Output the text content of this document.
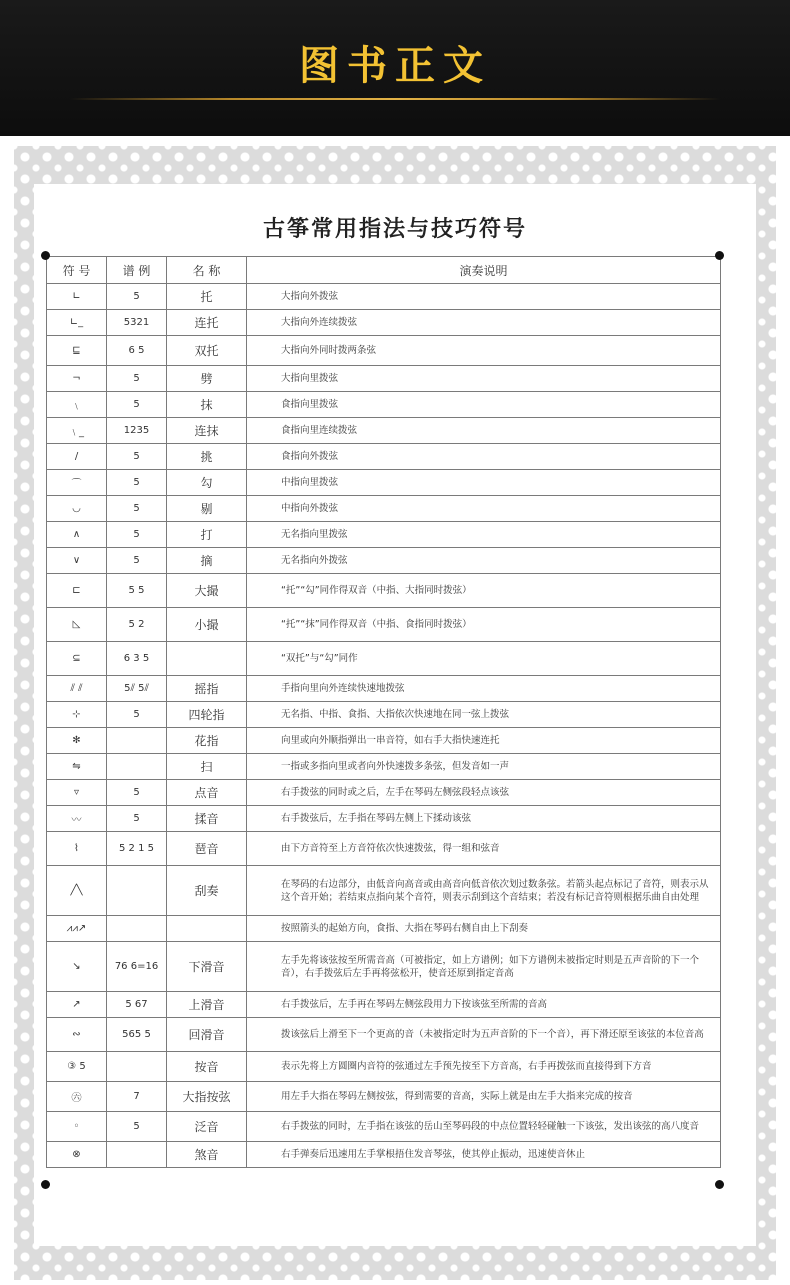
图书正文
古筝常用指法与技巧符号
符 号	谱 例	名 称	演奏说明
∟	5	托	大指向外拨弦
∟_	5321	连托	大指向外连续拨弦
⊑	6 5	双托	大指向外同时拨两条弦
¬	5	劈	大指向里拨弦
﹨	5	抹	食指向里拨弦
﹨_	1235	连抹	食指向里连续拨弦
/	5	挑	食指向外拨弦
⌒	5	勾	中指向里拨弦
◡	5	剔	中指向外拨弦
∧	5	打	无名指向里拨弦
∨	5	摘	无名指向外拨弦
⊏	5 5	大撮	“托”“勾”同作得双音（中指、大指同时拨弦）
◺	5 2	小撮	“托”“抹”同作得双音（中指、食指同时拨弦）
⊆	6 3 5		“双托”与“勾”同作
⫽ ⫽	5⫽ 5⫽	摇指	手指向里向外连续快速地拨弦
⊹	5	四轮指	无名指、中指、食指、大指依次快速地在同一弦上拨弦
✻		花指	向里或向外顺指弹出一串音符，如右手大指快速连托
⇋		扫	一指或多指向里或者向外快速拨多条弦，但发音如一声
▿	5	点音	右手拨弦的同时或之后，左手在琴码左侧弦段轻点该弦
〰	5	揉音	右手拨弦后，左手指在琴码左侧上下揉动该弦
⌇	5 2 1 5	琶音	由下方音符至上方音符依次快速拨弦，得一组和弦音
╱╲		刮奏	在琴码的右边部分，由低音向高音或由高音向低音依次划过数条弦。若箭头起点标记了音符，则表示从这个音开始；若结束点指向某个音符，则表示刮到这个音结束；若没有标记音符则根据乐曲自由处理
⩘⩘↗			按照箭头的起始方向，食指、大指在琴码右侧自由上下刮奏
↘	76 6=16	下滑音	左手先将该弦按至所需音高（可被指定，如上方谱例；如下方谱例未被指定时则是五声音阶的下一个音），右手拨弦后左手再将弦松开，使音还原到指定音高
↗	5 67	上滑音	右手拨弦后，左手再在琴码左侧弦段用力下按该弦至所需的音高
∾	565 5	回滑音	拨该弦后上滑至下一个更高的音（未被指定时为五声音阶的下一个音），再下滑还原至该弦的本位音高
③ 5		按音	表示先将上方圆圈内音符的弦通过左手预先按至下方音高，右手再拨弦而直接得到下方音
㊅	7	大指按弦	用左手大指在琴码左侧按弦，得到需要的音高，实际上就是由左手大指来完成的按音
◦	5	泛音	右手拨弦的同时，左手指在该弦的岳山至琴码段的中点位置轻轻碰触一下该弦，发出该弦的高八度音
⊗		煞音	右手弹奏后迅速用左手掌根捂住发音琴弦，使其停止振动，迅速使音休止
